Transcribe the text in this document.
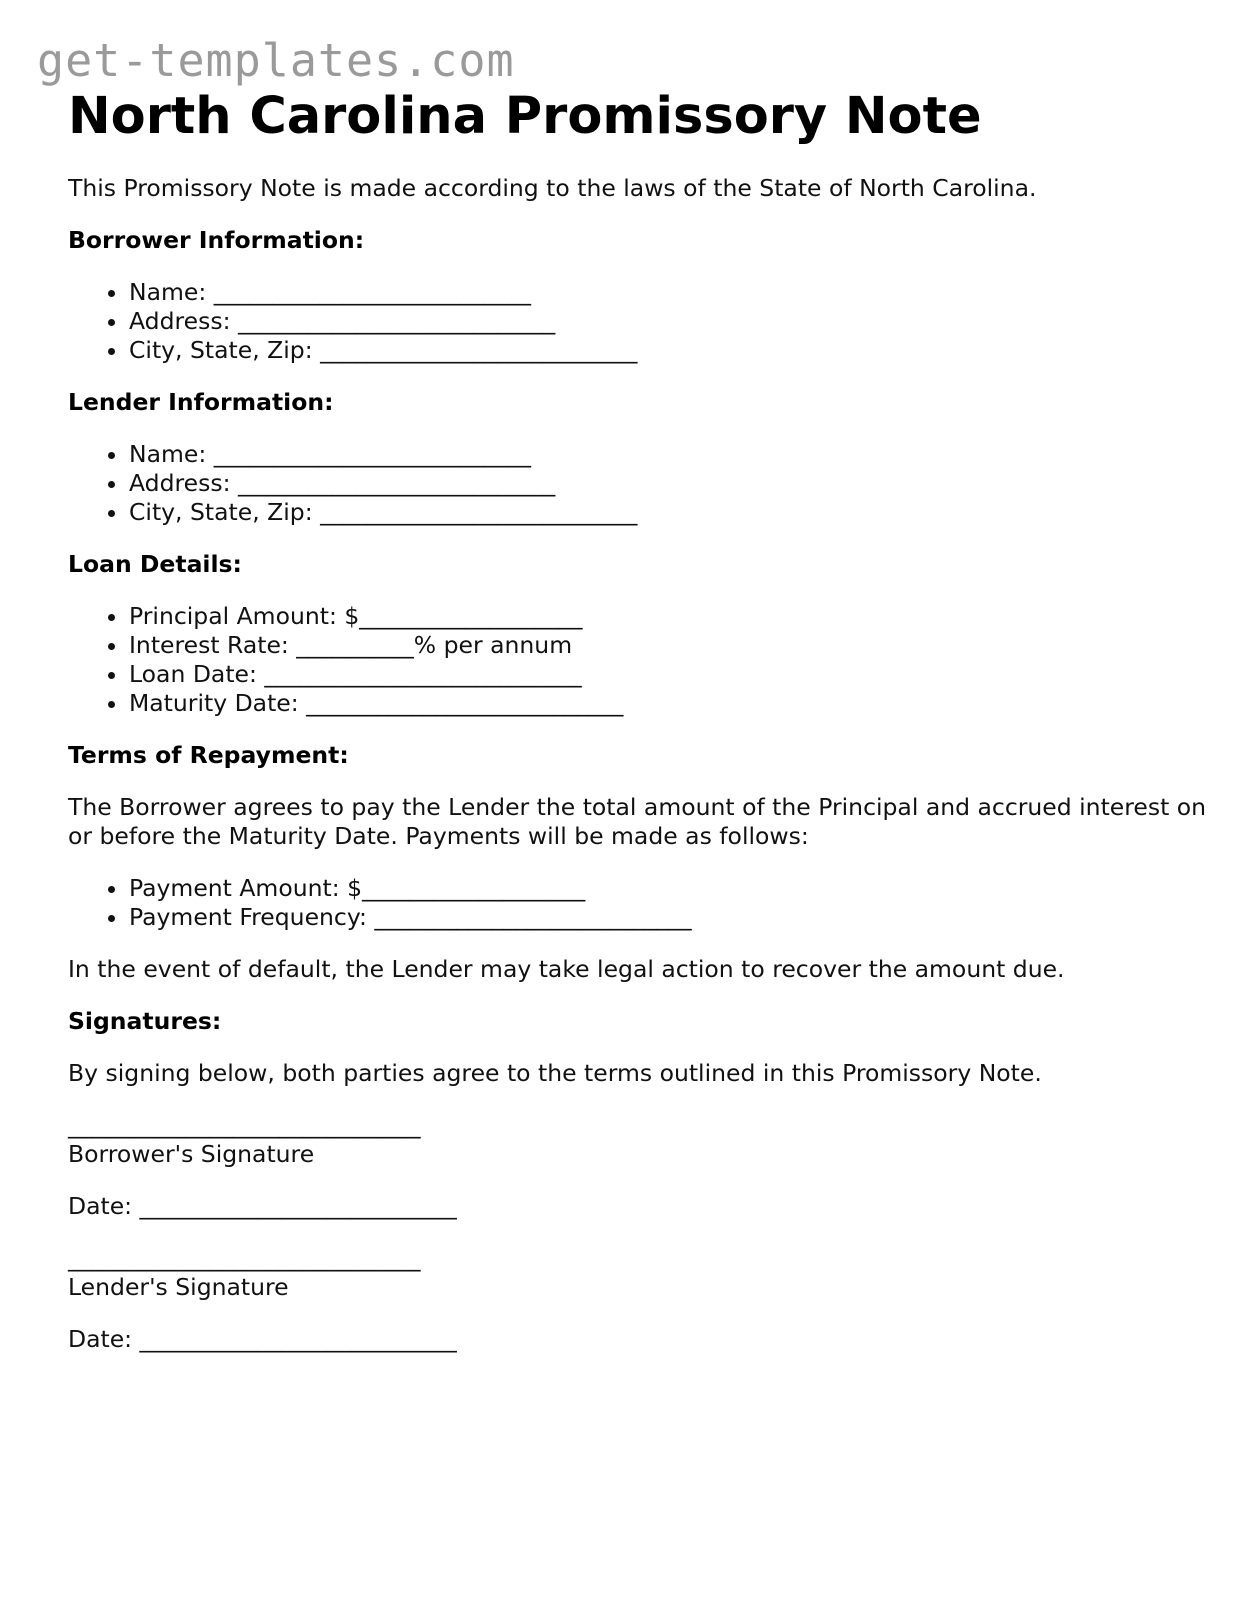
get-templates.com
North Carolina Promissory Note

This Promissory Note is made according to the laws of the State of North Carolina.

Borrower Information:
• Name: ___________________________
• Address: ___________________________
• City, State, Zip: ___________________________
Lender Information:
• Name: ___________________________
• Address: ___________________________
• City, State, Zip: ___________________________
Loan Details:
• Principal Amount: $___________________
• Interest Rate: __________% per annum
• Loan Date: ___________________________
• Maturity Date: ___________________________
Terms of Repayment:

The Borrower agrees to pay the Lender the total amount of the Principal and accrued interest on or before the Maturity Date. Payments will be made as follows:

• Payment Amount: $___________________
• Payment Frequency: ___________________________

In the event of default, the Lender may take legal action to recover the amount due.

Signatures:

By signing below, both parties agree to the terms outlined in this Promissory Note.

______________________________
Borrower's Signature
Date: ___________________________
______________________________
Lender's Signature
Date: ___________________________
